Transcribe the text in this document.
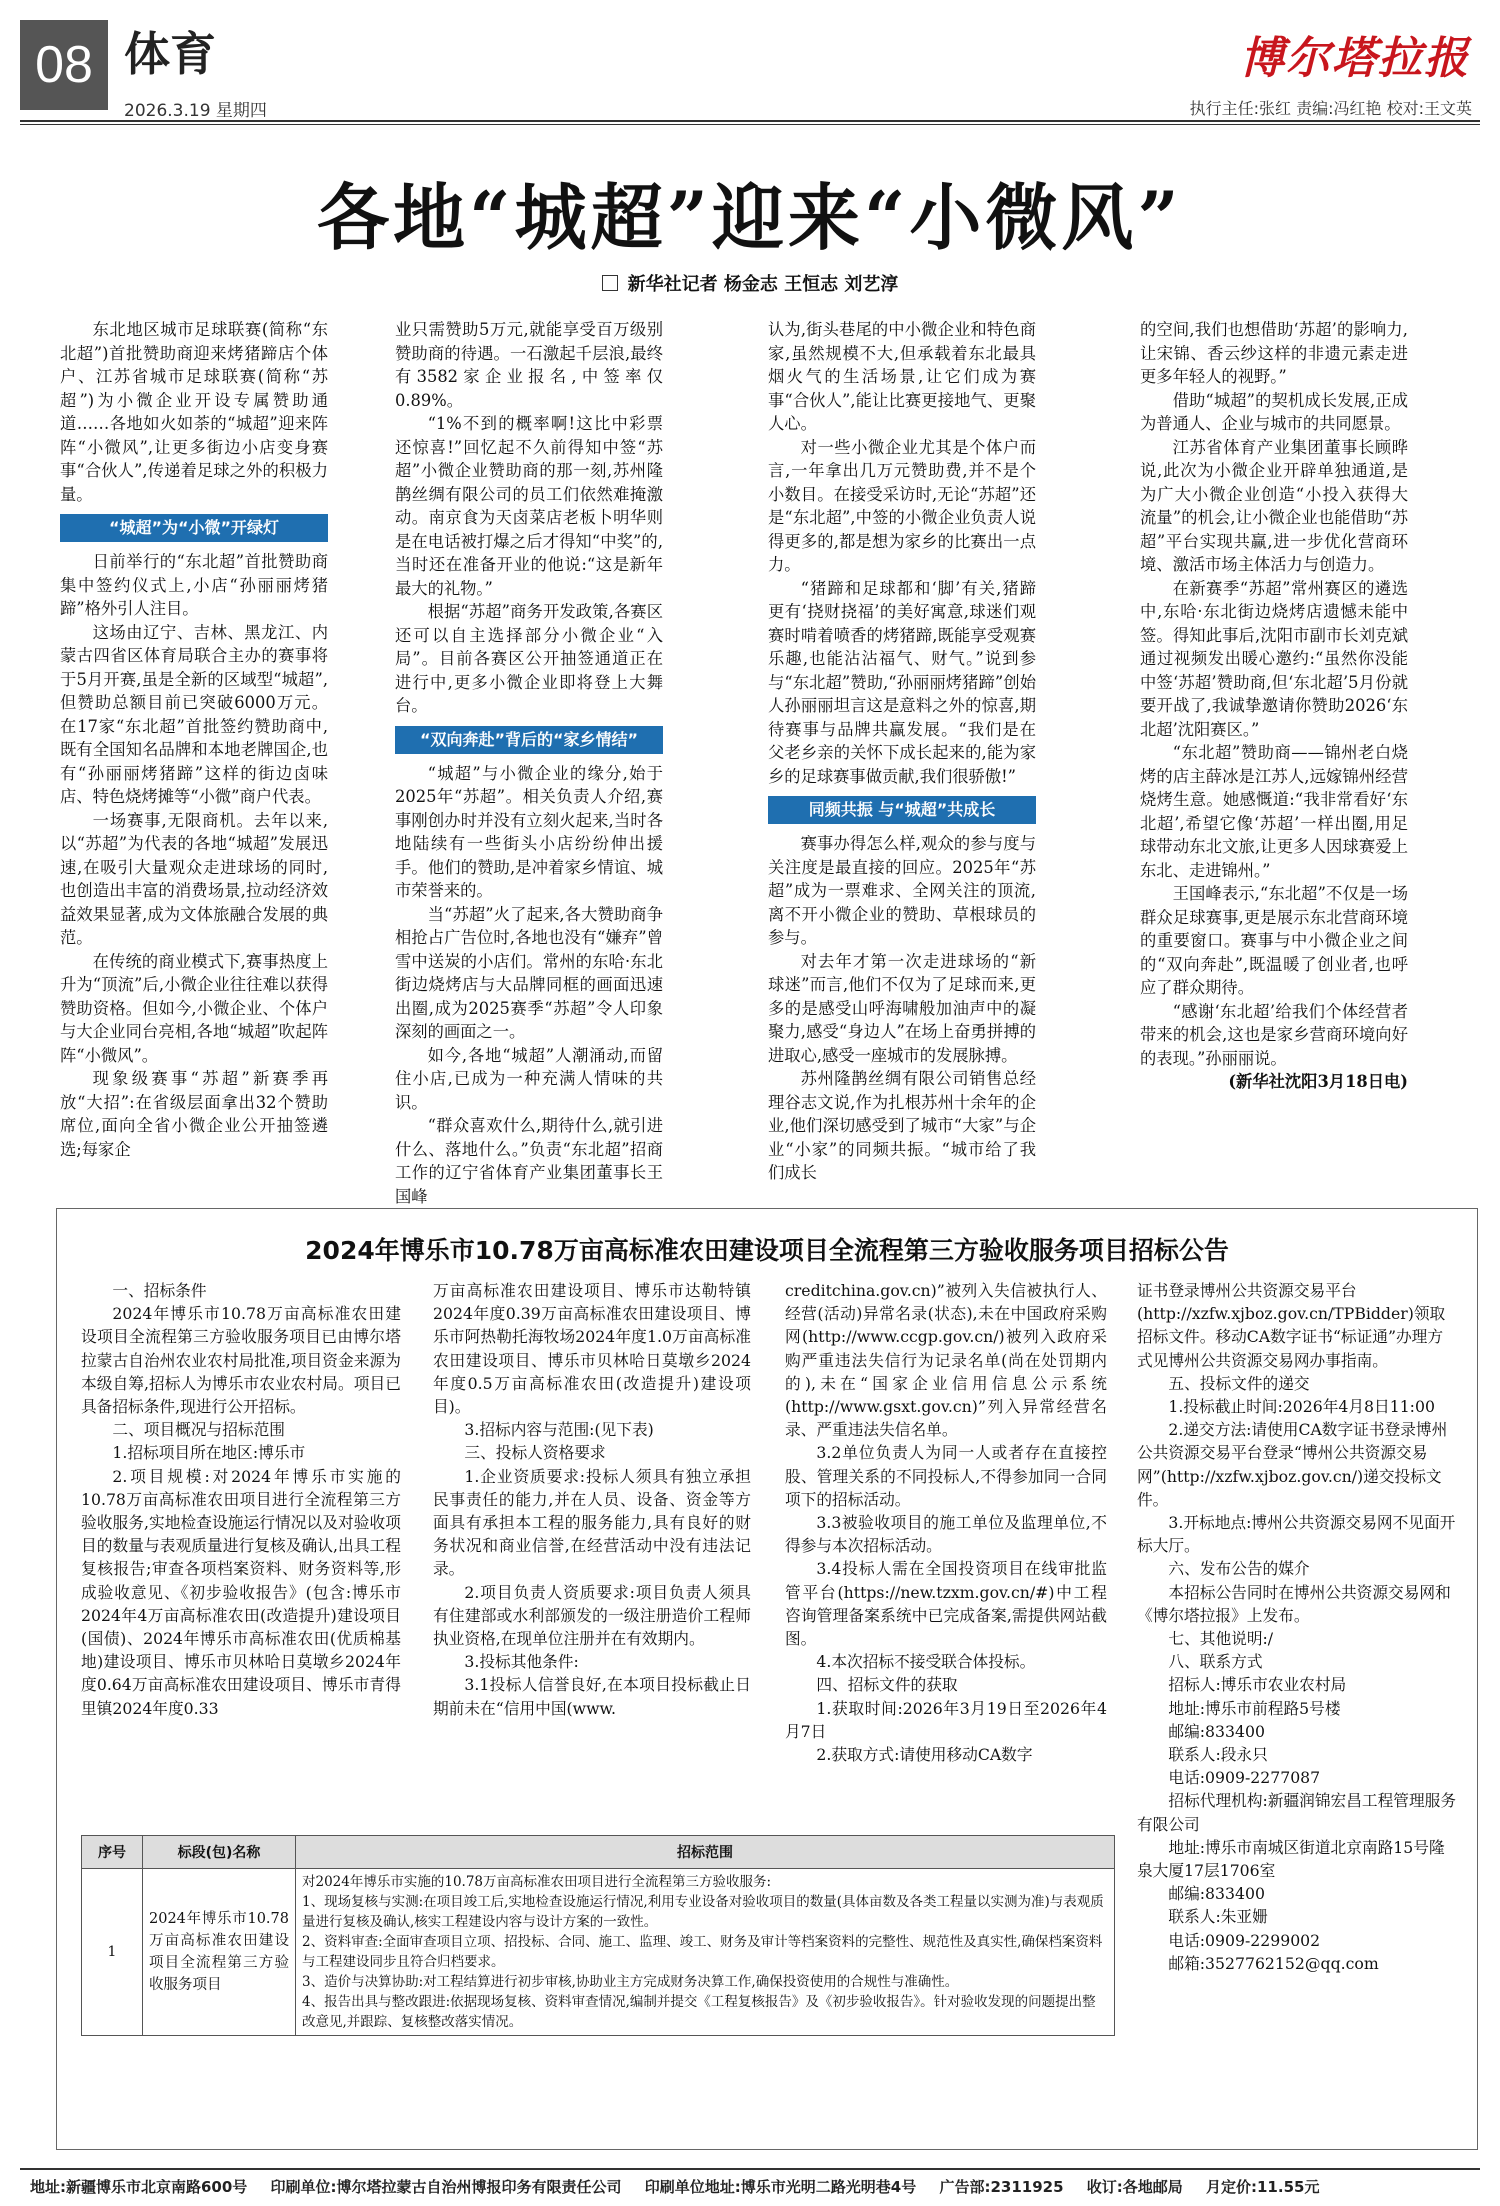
08 体育
2026.3.19 星期四
博尔塔拉报
执行主任:张红 责编:冯红艳 校对:王文英
各地“城超”迎来“小微风”
新华社记者 杨金志 王恒志 刘艺淳

东北地区城市足球联赛(简称“东北超”)首批赞助商迎来烤猪蹄店个体户、江苏省城市足球联赛(简称“苏超”)为小微企业开设专属赞助通道……各地如火如荼的“城超”迎来阵阵“小微风”,让更多街边小店变身赛事“合伙人”,传递着足球之外的积极力量。

“城超”为“小微”开绿灯

日前举行的“东北超”首批赞助商集中签约仪式上,小店“孙丽丽烤猪蹄”格外引人注目。

这场由辽宁、吉林、黑龙江、内蒙古四省区体育局联合主办的赛事将于5月开赛,虽是全新的区域型“城超”,但赞助总额目前已突破6000万元。在17家“东北超”首批签约赞助商中,既有全国知名品牌和本地老牌国企,也有“孙丽丽烤猪蹄”这样的街边卤味店、特色烧烤摊等“小微”商户代表。

一场赛事,无限商机。去年以来,以“苏超”为代表的各地“城超”发展迅速,在吸引大量观众走进球场的同时,也创造出丰富的消费场景,拉动经济效益效果显著,成为文体旅融合发展的典范。

在传统的商业模式下,赛事热度上升为“顶流”后,小微企业往往难以获得赞助资格。但如今,小微企业、个体户与大企业同台亮相,各地“城超”吹起阵阵“小微风”。

现象级赛事“苏超”新赛季再放“大招”:在省级层面拿出32个赞助席位,面向全省小微企业公开抽签遴选;每家企

业只需赞助5万元,就能享受百万级别赞助商的待遇。一石激起千层浪,最终有3582家企业报名,中签率仅0.89%。

“1%不到的概率啊!这比中彩票还惊喜!”回忆起不久前得知中签“苏超”小微企业赞助商的那一刻,苏州隆鹊丝绸有限公司的员工们依然难掩激动。南京食为天卤菜店老板卜明华则是在电话被打爆之后才得知“中奖”的,当时还在准备开业的他说:“这是新年最大的礼物。”

根据“苏超”商务开发政策,各赛区还可以自主选择部分小微企业“入局”。目前各赛区公开抽签通道正在进行中,更多小微企业即将登上大舞台。

“双向奔赴”背后的“家乡情结”

“城超”与小微企业的缘分,始于2025年“苏超”。相关负责人介绍,赛事刚创办时并没有立刻火起来,当时各地陆续有一些街头小店纷纷伸出援手。他们的赞助,是冲着家乡情谊、城市荣誉来的。

当“苏超”火了起来,各大赞助商争相抢占广告位时,各地也没有“嫌弃”曾雪中送炭的小店们。常州的东哈·东北街边烧烤店与大品牌同框的画面迅速出圈,成为2025赛季“苏超”令人印象深刻的画面之一。

如今,各地“城超”人潮涌动,而留住小店,已成为一种充满人情味的共识。

“群众喜欢什么,期待什么,就引进什么、落地什么。”负责“东北超”招商工作的辽宁省体育产业集团董事长王国峰

认为,街头巷尾的中小微企业和特色商家,虽然规模不大,但承载着东北最具烟火气的生活场景,让它们成为赛事“合伙人”,能让比赛更接地气、更聚人心。

对一些小微企业尤其是个体户而言,一年拿出几万元赞助费,并不是个小数目。在接受采访时,无论“苏超”还是“东北超”,中签的小微企业负责人说得更多的,都是想为家乡的比赛出一点力。

“猪蹄和足球都和‘脚’有关,猪蹄更有‘挠财挠福’的美好寓意,球迷们观赛时啃着喷香的烤猪蹄,既能享受观赛乐趣,也能沾沾福气、财气。”说到参与“东北超”赞助,“孙丽丽烤猪蹄”创始人孙丽丽坦言这是意料之外的惊喜,期待赛事与品牌共赢发展。“我们是在父老乡亲的关怀下成长起来的,能为家乡的足球赛事做贡献,我们很骄傲!”

同频共振 与“城超”共成长

赛事办得怎么样,观众的参与度与关注度是最直接的回应。2025年“苏超”成为一票难求、全网关注的顶流,离不开小微企业的赞助、草根球员的参与。

对去年才第一次走进球场的“新球迷”而言,他们不仅为了足球而来,更多的是感受山呼海啸般加油声中的凝聚力,感受“身边人”在场上奋勇拼搏的进取心,感受一座城市的发展脉搏。

苏州隆鹊丝绸有限公司销售总经理谷志文说,作为扎根苏州十余年的企业,他们深切感受到了城市“大家”与企业“小家”的同频共振。“城市给了我们成长

的空间,我们也想借助‘苏超’的影响力,让宋锦、香云纱这样的非遗元素走进更多年轻人的视野。”

借助“城超”的契机成长发展,正成为普通人、企业与城市的共同愿景。

江苏省体育产业集团董事长顾晔说,此次为小微企业开辟单独通道,是为广大小微企业创造“小投入获得大流量”的机会,让小微企业也能借助“苏超”平台实现共赢,进一步优化营商环境、激活市场主体活力与创造力。

在新赛季“苏超”常州赛区的遴选中,东哈·东北街边烧烤店遗憾未能中签。得知此事后,沈阳市副市长刘克斌通过视频发出暖心邀约:“虽然你没能中签‘苏超’赞助商,但‘东北超’5月份就要开战了,我诚挚邀请你赞助2026‘东北超’沈阳赛区。”

“东北超”赞助商——锦州老白烧烤的店主薛冰是江苏人,远嫁锦州经营烧烤生意。她感慨道:“我非常看好‘东北超’,希望它像‘苏超’一样出圈,用足球带动东北文旅,让更多人因球赛爱上东北、走进锦州。”

王国峰表示,“东北超”不仅是一场群众足球赛事,更是展示东北营商环境的重要窗口。赛事与中小微企业之间的“双向奔赴”,既温暖了创业者,也呼应了群众期待。

“感谢‘东北超’给我们个体经营者带来的机会,这也是家乡营商环境向好的表现。”孙丽丽说。

(新华社沈阳3月18日电)

2024年博乐市10.78万亩高标准农田建设项目全流程第三方验收服务项目招标公告

一、招标条件

2024年博乐市10.78万亩高标准农田建设项目全流程第三方验收服务项目已由博尔塔拉蒙古自治州农业农村局批准,项目资金来源为本级自筹,招标人为博乐市农业农村局。项目已具备招标条件,现进行公开招标。

二、项目概况与招标范围

1.招标项目所在地区:博乐市

2.项目规模:对2024年博乐市实施的10.78万亩高标准农田项目进行全流程第三方验收服务,实地检查设施运行情况以及对验收项目的数量与表观质量进行复核及确认,出具工程复核报告;审查各项档案资料、财务资料等,形成验收意见、《初步验收报告》(包含:博乐市2024年4万亩高标准农田(改造提升)建设项目(国债)、2024年博乐市高标准农田(优质棉基地)建设项目、博乐市贝林哈日莫墩乡2024年度0.64万亩高标准农田建设项目、博乐市青得里镇2024年度0.33

万亩高标准农田建设项目、博乐市达勒特镇2024年度0.39万亩高标准农田建设项目、博乐市阿热勒托海牧场2024年度1.0万亩高标准农田建设项目、博乐市贝林哈日莫墩乡2024年度0.5万亩高标准农田(改造提升)建设项目)。

3.招标内容与范围:(见下表)

三、投标人资格要求

1.企业资质要求:投标人须具有独立承担民事责任的能力,并在人员、设备、资金等方面具有承担本工程的服务能力,具有良好的财务状况和商业信誉,在经营活动中没有违法记录。

2.项目负责人资质要求:项目负责人须具有住建部或水利部颁发的一级注册造价工程师执业资格,在现单位注册并在有效期内。

3.投标其他条件:

3.1投标人信誉良好,在本项目投标截止日期前未在“信用中国(www.

creditchina.gov.cn)”被列入失信被执行人、经营(活动)异常名录(状态),未在中国政府采购网(http://www.ccgp.gov.cn/)被列入政府采购严重违法失信行为记录名单(尚在处罚期内的),未在“国家企业信用信息公示系统(http://www.gsxt.gov.cn)”列入异常经营名录、严重违法失信名单。

3.2单位负责人为同一人或者存在直接控股、管理关系的不同投标人,不得参加同一合同项下的招标活动。

3.3被验收项目的施工单位及监理单位,不得参与本次招标活动。

3.4投标人需在全国投资项目在线审批监管平台(https://new.tzxm.gov.cn/#)中工程咨询管理备案系统中已完成备案,需提供网站截图。

4.本次招标不接受联合体投标。

四、招标文件的获取

1.获取时间:2026年3月19日至2026年4月7日

2.获取方式:请使用移动CA数字

证书登录博州公共资源交易平台(http://xzfw.xjboz.gov.cn/TPBidder)领取招标文件。移动CA数字证书“标证通”办理方式见博州公共资源交易网办事指南。

五、投标文件的递交

1.投标截止时间:2026年4月8日11:00

2.递交方法:请使用CA数字证书登录博州公共资源交易平台登录“博州公共资源交易网”(http://xzfw.xjboz.gov.cn/)递交投标文件。

3.开标地点:博州公共资源交易网不见面开标大厅。

六、发布公告的媒介

本招标公告同时在博州公共资源交易网和《博尔塔拉报》上发布。

七、其他说明:/

八、联系方式

招标人:博乐市农业农村局

地址:博乐市前程路5号楼

邮编:833400

联系人:段永只

电话:0909-2277087

招标代理机构:新疆润锦宏昌工程管理服务有限公司

地址:博乐市南城区街道北京南路15号隆泉大厦17层1706室

邮编:833400

联系人:朱亚姗

电话:0909-2299002

邮箱:3527762152@qq.com

序号	标段(包)名称	招标范围
1	2024年博乐市10.78万亩高标准农田建设项目全流程第三方验收服务项目	对2024年博乐市实施的10.78万亩高标准农田项目进行全流程第三方验收服务:
1、现场复核与实测:在项目竣工后,实地检查设施运行情况,利用专业设备对验收项目的数量(具体亩数及各类工程量以实测为准)与表观质量进行复核及确认,核实工程建设内容与设计方案的一致性。
2、资料审查:全面审查项目立项、招投标、合同、施工、监理、竣工、财务及审计等档案资料的完整性、规范性及真实性,确保档案资料与工程建设同步且符合归档要求。
3、造价与决算协助:对工程结算进行初步审核,协助业主方完成财务决算工作,确保投资使用的合规性与准确性。
4、报告出具与整改跟进:依据现场复核、资料审查情况,编制并提交《工程复核报告》及《初步验收报告》。针对验收发现的问题提出整改意见,并跟踪、复核整改落实情况。
地址:新疆博乐市北京南路600号 印刷单位:博尔塔拉蒙古自治州博报印务有限责任公司 印刷单位地址:博乐市光明二路光明巷4号 广告部:2311925 收订:各地邮局 月定价:11.55元
